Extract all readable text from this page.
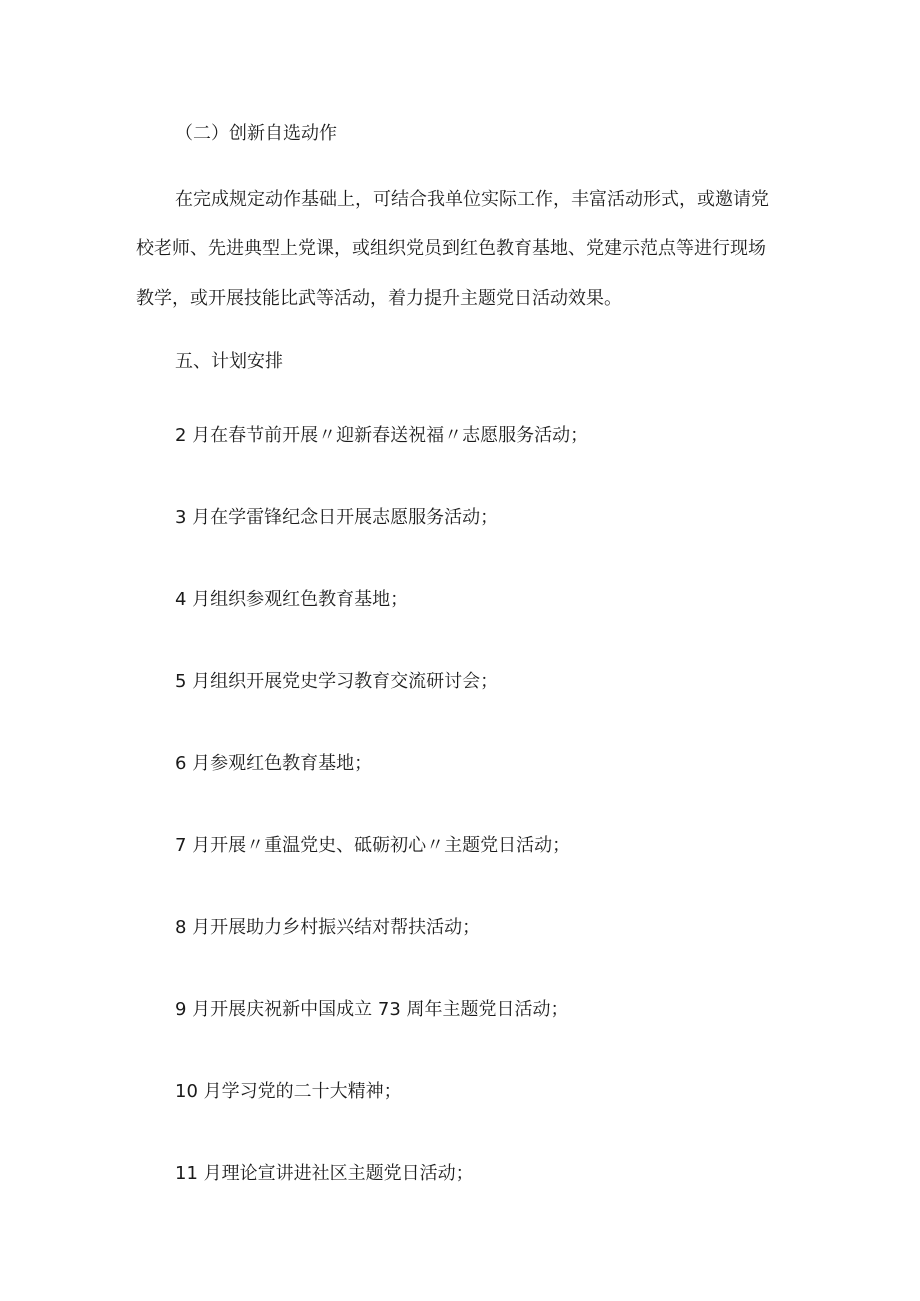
（二）创新自选动作

在完成规定动作基础上，可结合我单位实际工作，丰富活动形式，或邀请党

校老师、先进典型上党课，或组织党员到红色教育基地、党建示范点等进行现场

教学，或开展技能比武等活动，着力提升主题党日活动效果。

五、计划安排

2 月在春节前开展〃迎新春送祝福〃志愿服务活动；

3 月在学雷锋纪念日开展志愿服务活动；

4 月组织参观红色教育基地；

5 月组织开展党史学习教育交流研讨会；

6 月参观红色教育基地；

7 月开展〃重温党史、砥砺初心〃主题党日活动；

8 月开展助力乡村振兴结对帮扶活动；

9 月开展庆祝新中国成立 73 周年主题党日活动；

10 月学习党的二十大精神；

11 月理论宣讲进社区主题党日活动；
